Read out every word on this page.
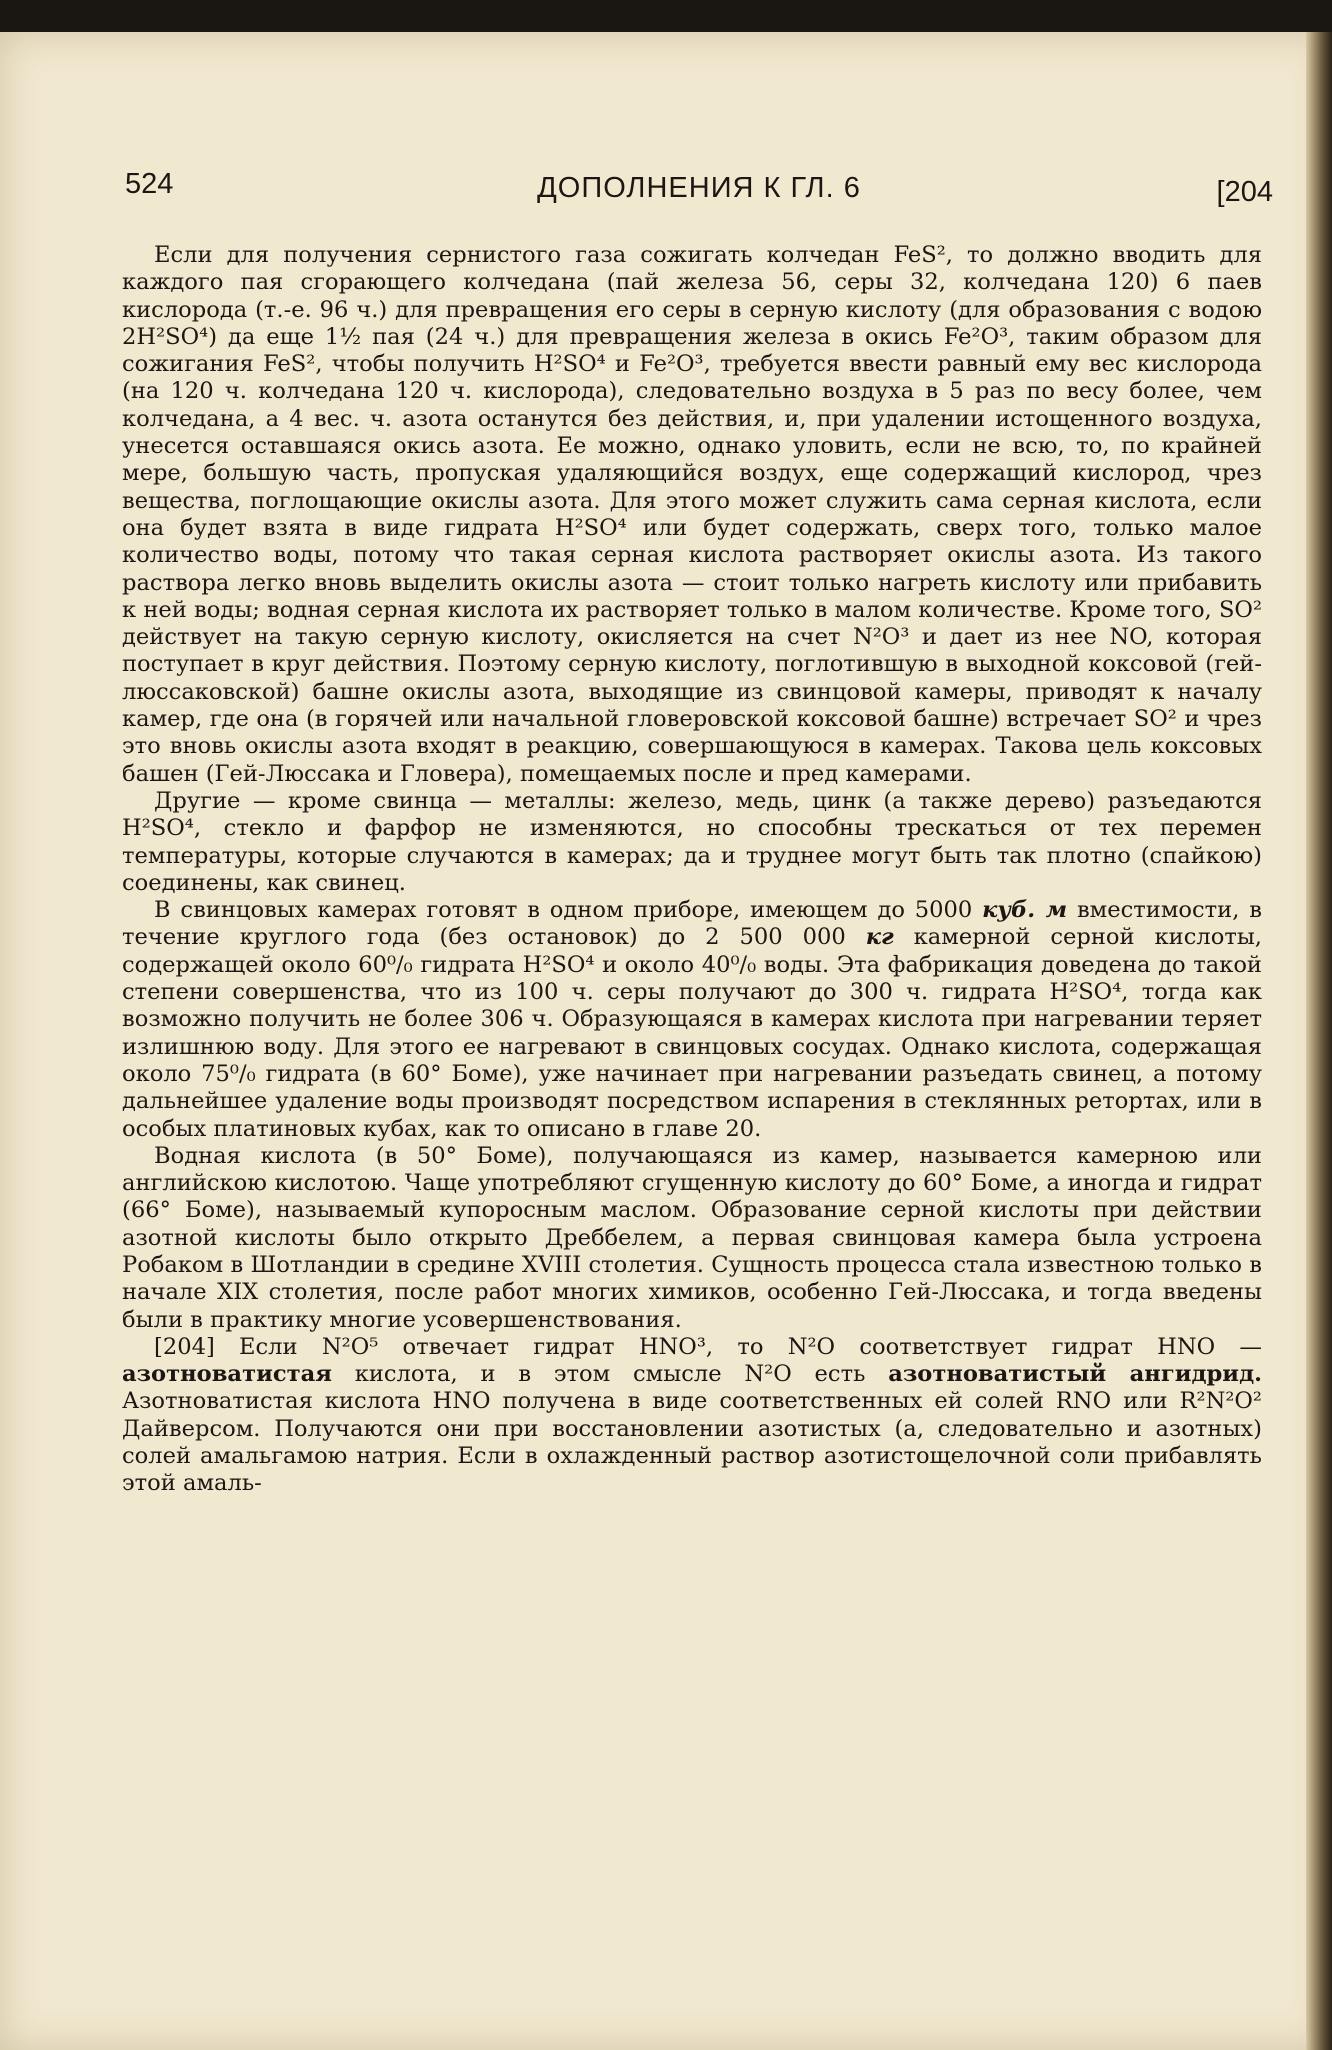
524	ДОПОЛНЕНИЯ К ГЛ. 6	[204

Если для получения сернистого газа сожигать колчедан FeS², то должно вводить для каждого пая сгорающего колчедана (пай железа 56, серы 32, колчедана 120) 6 паев кислорода (т.-е. 96 ч.) для превращения его серы в серную кислоту (для образования с водою 2H²SO⁴) да еще 1½ пая (24 ч.) для превращения железа в окись Fe²O³, таким образом для сожигания FeS², чтобы получить H²SO⁴ и Fe²O³, требуется ввести равный ему вес кислорода (на 120 ч. колчедана 120 ч. кислорода), следовательно воздуха в 5 раз по весу более, чем колчедана, а 4 вес. ч. азота останутся без действия, и, при удалении истощенного воздуха, унесется оставшаяся окись азота. Ее можно, однако уловить, если не всю, то, по крайней мере, большую часть, пропуская удаляющийся воздух, еще содержащий кислород, чрез вещества, поглощающие окислы азота. Для этого может служить сама серная кислота, если она будет взята в виде гидрата H²SO⁴ или будет содержать, сверх того, только малое количество воды, потому что такая серная кислота растворяет окислы азота. Из такого раствора легко вновь выделить окислы азота — стоит только нагреть кислоту или прибавить к ней воды; водная серная кислота их растворяет только в малом количестве. Кроме того, SO² действует на такую серную кислоту, окисляется на счет N²O³ и дает из нее NO, которая поступает в круг действия. Поэтому серную кислоту, поглотившую в выходной коксовой (гей-люссаковской) башне окислы азота, выходящие из свинцовой камеры, приводят к началу камер, где она (в горячей или начальной гловеровской коксовой башне) встречает SO² и чрез это вновь окислы азота входят в реакцию, совершающуюся в камерах. Такова цель коксовых башен (Гей-Люссака и Гловера), помещаемых после и пред камерами.

Другие — кроме свинца — металлы: железо, медь, цинк (а также дерево) разъедаются H²SO⁴, стекло и фарфор не изменяются, но способны трескаться от тех перемен температуры, которые случаются в камерах; да и труднее могут быть так плотно (спайкою) соединены, как свинец.

В свинцовых камерах готовят в одном приборе, имеющем до 5000 куб. м вместимости, в течение круглого года (без остановок) до 2 500 000 кг камерной серной кислоты, содержащей около 60⁰/₀ гидрата H²SO⁴ и около 40⁰/₀ воды. Эта фабрикация доведена до такой степени совершенства, что из 100 ч. серы получают до 300 ч. гидрата H²SO⁴, тогда как возможно получить не более 306 ч. Образующаяся в камерах кислота при нагревании теряет излишнюю воду. Для этого ее нагревают в свинцовых сосудах. Однако кислота, содержащая около 75⁰/₀ гидрата (в 60° Боме), уже начинает при нагревании разъедать свинец, а потому дальнейшее удаление воды производят посредством испарения в стеклянных ретортах, или в особых платиновых кубах, как то описано в главе 20.

Водная кислота (в 50° Боме), получающаяся из камер, называется камерною или английскою кислотою. Чаще употребляют сгущенную кислоту до 60° Боме, а иногда и гидрат (66° Боме), называемый купоросным маслом. Образование серной кислоты при действии азотной кислоты было открыто Дреббелем, а первая свинцовая камера была устроена Робаком в Шотландии в средине XVIII столетия. Сущность процесса стала известною только в начале XIX столетия, после работ многих химиков, особенно Гей-Люссака, и тогда введены были в практику многие усовершенствования.

[204] Если N²O⁵ отвечает гидрат HNO³, то N²O соответствует гидрат HNO — азотноватистая кислота, и в этом смысле N²O есть азотноватистый ангидрид. Азотноватистая кислота HNO получена в виде соответственных ей солей RNO или R²N²O² Дайверсом. Получаются они при восстановлении азотистых (а, следовательно и азотных) солей амальгамою натрия. Если в охлажденный раствор азотистощелочной соли прибавлять этой амаль-
